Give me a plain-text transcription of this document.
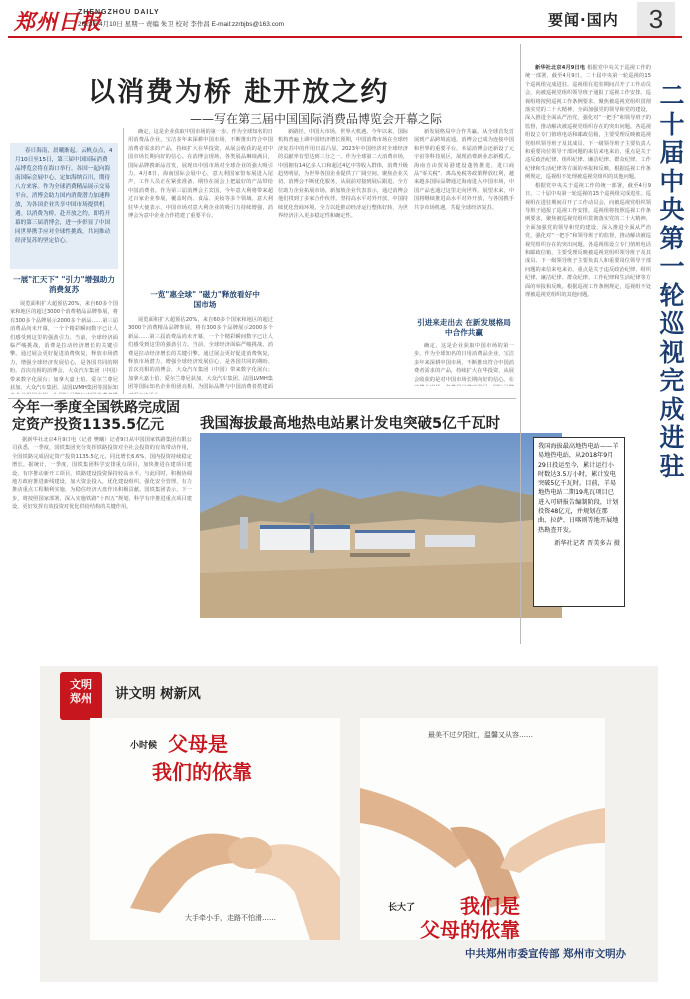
郑州日报
ZHENGZHOU DAILY
2023年4月10日 星期一 责编 朱卫 校对 李作昌 E-mail:zzrbjbs@163.com	要闻·国内	3
以消费为桥 赴开放之约
——写在第三届中国国际消费品博览会开幕之际

春日海南，晨曦渐起。云帆点点，4月10日至15日，第三届中国国际消费品博览会将在海口举行。各国一起向海南国际会展中心，定如海纳百川，期待八方来客。作为全球消费精品展示交易平台，消博会助力国内消费潜力加速释放，为各国企业共享中国市场提供机遇。以消费为桥，赴开放之约。即将开幕的第三届消博会，进一步彰显了中国同世界携手应对全球性挑战，共同推动经济复苏的坚定信心。

一展"汇天下" "引力"增强助力消费复苏

展览面积扩大超预估20%，来自60多个国家和地区的超过3000个消费精品品牌参展，将有300多个品牌展示2000多个新品……第三届消费品尚未开幕，一个个精彩瞬间数字已让人们感受到这里的强劲引力。当前，全球经济面临严峻挑战，消费是拉动经济增长的关键引擎。通过展会更好促进消费恢复，释放市场潜力，增强全球经济发展信心，是各国共同的期盼。首次亮相的消博会，大众汽车集团（中国）带来数字化展台；加拿大嘉士伯、爱尔兰尊尼获加、大众汽车集团、法国LVMH集团等国际知

确定，这是企业获取中国市场的第一步。作为全球知名的日用消费品企业，宝洁多年来深耕中国市场，不断推出符合中国消费者需求的产品，持续扩大在华投资，从展会收获的是对中国市场长期向好的信心。在消博会现场，各类展品琳琅满目，国际品牌携新品首发，展现出中国市场对全球企业的强大吸引力。4月8日，海南国际会展中心，意大利国家馆布展进入尾声，工作人员正在紧张准备，期待在展会上把最好的产品带给中国消费者。作为第三届消博会主宾国，今年意大利将带来超过百家企业参展，覆盖时尚、食品、美妆等多个领域。意大利驻华大使表示，中国市场对意大利企业的吸引力持续增强，消博会为意中企业合作搭建了重要平台。

一览"惠全球" "磁力"释放看好中国市场

展览面积扩大超预估20%，来自60多个国家和地区的超过3000个消费精品品牌参展，将有300多个品牌展示2000多个新品……第三届消费品尚未开幕，一个个精彩瞬间数字已让人们感受到这里的强劲引力。当前，全球经济面临严峻挑战，消费是拉动经济增长的关键引擎。通过展会更好促进消费恢复，释放市场潜力，增强全球经济发展信心，是各国共同的期盼。首次亮相的消博会，大众汽车集团（中国）带来数字化展台；加拿大嘉士伯、爱尔兰尊尼获加、大众汽车集团、法国LVMH集团等国际知名企业组团亮相，为国际品牌与中国消费者搭建面

新路径。中国大市场，世界大机遇。今年以来，国际机构普遍上调中国经济增长预期，中国消费市场在全球经济复苏中的作用日益凸显。2023年中国经济对全球经济的贡献率有望达到三分之一。作为全球第二大消费市场，中国拥有14亿多人口和超过4亿中等收入群体，消费升级趋势明显，为世界各国企业提供了广阔空间。聚焦企业关切，消博会不断优化服务，从展前对接到展后跟进，全方位助力企业拓展市场。新加坡企业代表表示，通过消博会他们找到了多家合作伙伴。坚持高水平对外开放，中国持续优化营商环境，全力以赴推动经济运行整体好转，为世界经济注入更多稳定性和确定性。

新发展格局中合作共赢。从全球首发首展到产品跨境流通，消博会已成为连接中国和世界的重要平台。本届消博会还新设了元宇宙等科技展区，展现消费新业态新模式。海南自由贸易港建设蓬勃推进，进口商品“零关税”、离岛免税等政策释放红利，越来越多国际品牌通过海南进入中国市场，中国产品也通过这里走向世界。展望未来，中国将继续推进高水平对外开放，与各国携手共享市场机遇，共促全球经济复苏。

引进来走出去 在新发展格局中合作共赢

确定，这是企业获取中国市场的第一步。作为全球知名的日用消费品企业，宝洁多年来深耕中国市场，不断推出符合中国消费者需求的产品，持续扩大在华投资，从展会收获的是对中国市场长期向好的信心。在

今年一季度全国铁路完成固定资产投资1135.5亿元

据新华社北京4月9日电（记者 樊曦）记者9日从中国国家铁路集团有限公司获悉，一季度，国铁集团充分发挥铁路投资对全社会投资的有效带动作用，全国铁路完成固定资产投资1135.5亿元，同比增长6.6%，国内投资持续稳定增长。据统计，一季度，国铁集团科学安排重点项目，加快推进在建项目建设，有序推动新开工项目，铁路建设投资保持较高水平。与此同时，积极协调地方政府推进新线建设，加大资金投入，优化建设组织，强化安全管理，有力推动重点工程顺利实施，为稳住经济大盘作出积极贡献。国铁集团表示，下一步，将按照国家部署，深入实施铁路“十四五”规划，科学有序推进重点项目建设，更好发挥有效投资对优化供给结构的关键作用。

我国海拔最高地热电站累计发电突破5亿千瓦时

我国海拔最高地热电站——羊易地热电站，从2018年9月29日投运至今，累计运行小时数达3.5万小时，累计发电突破5亿千瓦时。目前，羊易地热电站二期19兆瓦项目已进入可研报告编制阶段，计划投资48亿元，并规划在那曲、拉萨、日喀则等地开展地热勘查开发。

新华社记者 晋美多吉 摄

新华社北京4月9日电 根据党中央关于巡视工作的统一部署，截至4月9日，二十届中央第一轮巡视的15个巡视组完成进驻。巡视组在进驻期间召开了工作动员会，向被巡视党组织领导班子通报了巡视工作安排。巡视组将按照巡视工作条例要求，聚焦被巡视党组织贯彻落实党的二十大精神，全面加强党的领导和党的建设，深入推进全面从严治党，强化对“一把手”和领导班子的监督，推动解决被巡视党组织存在的突出问题。各巡视组设立专门值班电话和邮政信箱，主要受理反映被巡视党组织领导班子及其成员、下一级领导班子主要负责人和重要岗位领导干部问题的来信来电来访，重点是关于违反政治纪律、组织纪律、廉洁纪律、群众纪律、工作纪律和生活纪律等方面的举报和反映。根据巡视工作条例规定，巡视组不处理被巡视党组织的其他问题。

根据党中央关于巡视工作的统一部署，截至4月9日，二十届中央第一轮巡视的15个巡视组完成进驻。巡视组在进驻期间召开了工作动员会，向被巡视党组织领导班子通报了巡视工作安排。巡视组将按照巡视工作条例要求，聚焦被巡视党组织贯彻落实党的二十大精神，全面加强党的领导和党的建设，深入推进全面从严治党，强化对“一把手”和领导班子的监督，推动解决被巡视党组织存在的突出问题。各巡视组设立专门值班电话和邮政信箱，主要受理反映被巡视党组织领导班子及其成员、下一级领导班子主要负责人和重要岗位领导干部问题的来信来电来访，重点是关于违反政治纪律、组织纪律、廉洁纪律、群众纪律、工作纪律和生活纪律等方面的举报和反映。根据巡视工作条例规定，巡视组不处理被巡视党组织的其他问题。

二十届中央第一轮巡视完成进驻
文明
郑州	讲文明 树新风
小时候 父母是
我们的依靠
大手牵小手，走路不怕滑……
最美不过夕阳红，温馨又从容……
长大了 我们是
父母的依靠
中共郑州市委宣传部 郑州市文明办
